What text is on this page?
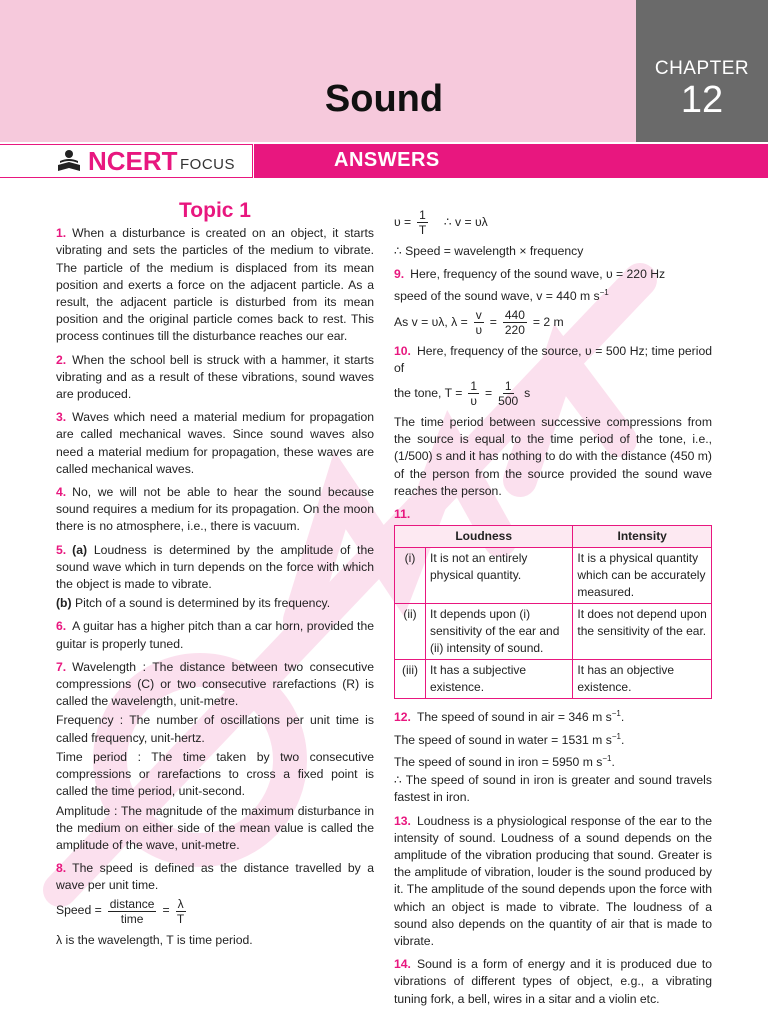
Sound
CHAPTER
12
NCERT FOCUS	ANSWERS
Topic 1

1. When a disturbance is created on an object, it starts vibrating and sets the particles of the medium to vibrate. The particle of the medium is displaced from its mean position and exerts a force on the adjacent particle. As a result, the adjacent particle is disturbed from its mean position and the original particle comes back to rest. This process continues till the disturbance reaches our ear.

2. When the school bell is struck with a hammer, it starts vibrating and as a result of these vibrations, sound waves are produced.

3. Waves which need a material medium for propagation are called mechanical waves. Since sound waves also need a material medium for propagation, these waves are called mechanical waves.

4. No, we will not be able to hear the sound because sound requires a medium for its propagation. On the moon there is no atmosphere, i.e., there is vacuum.

5. (a) Loudness is determined by the amplitude of the sound wave which in turn depends on the force with which the object is made to vibrate.

(b) Pitch of a sound is determined by its frequency.

6. A guitar has a higher pitch than a car horn, provided the guitar is properly tuned.

7. Wavelength : The distance between two consecutive compressions (C) or two consecutive rarefactions (R) is called the wavelength, unit-metre.

Frequency : The number of oscillations per unit time is called frequency, unit-hertz.

Time period : The time taken by two consecutive compressions or rarefactions to cross a fixed point is called the time period, unit-second.

Amplitude : The magnitude of the maximum disturbance in the medium on either side of the mean value is called the amplitude of the wave, unit-metre.

8. The speed is defined as the distance travelled by a wave per unit time.

Speed = $\frac{\text{distance}}{\text{time}} = \frac{\lambda}{T}$

λ is the wavelength, T is time period.

$\upsilon = \frac{1}{T}$ ∴ v = υλ

∴ Speed = wavelength × frequency

9. Here, frequency of the sound wave, υ = 220 Hz

speed of the sound wave, v = 440 m $s^{-1}$

As v = υλ, $\lambda = \frac{v}{\upsilon} = \frac{440}{220} = 2$ m

10. Here, frequency of the source, υ = 500 Hz; time period of

the tone, $T = \frac{1}{\upsilon} = \frac{1}{500}$ s

The time period between successive compressions from the source is equal to the time period of the tone, i.e., (1/500) s and it has nothing to do with the distance (450 m) of the person from the source provided the sound wave reaches the person.

11.

Loudness		Intensity
(i)	It is not an entirely physical quantity.	It is a physical quantity which can be accurately measured.
(ii)	It depends upon (i) sensitivity of the ear and (ii) intensity of sound.	It does not depend upon the sensitivity of the ear.
(iii)	It has a subjective existence.	It has an objective existence.

12. The speed of sound in air = 346 m $s^{-1}$.

The speed of sound in water = 1531 m $s^{-1}$.

The speed of sound in iron = 5950 m $s^{-1}$.

∴ The speed of sound in iron is greater and sound travels fastest in iron.

13. Loudness is a physiological response of the ear to the intensity of sound. Loudness of a sound depends on the amplitude of the vibration producing that sound. Greater is the amplitude of vibration, louder is the sound produced by it. The amplitude of the sound depends upon the force with which an object is made to vibrate. The loudness of a sound also depends on the quantity of air that is made to vibrate.

14. Sound is a form of energy and it is produced due to vibrations of different types of object, e.g., a vibrating tuning fork, a bell, wires in a sitar and a violin etc.
